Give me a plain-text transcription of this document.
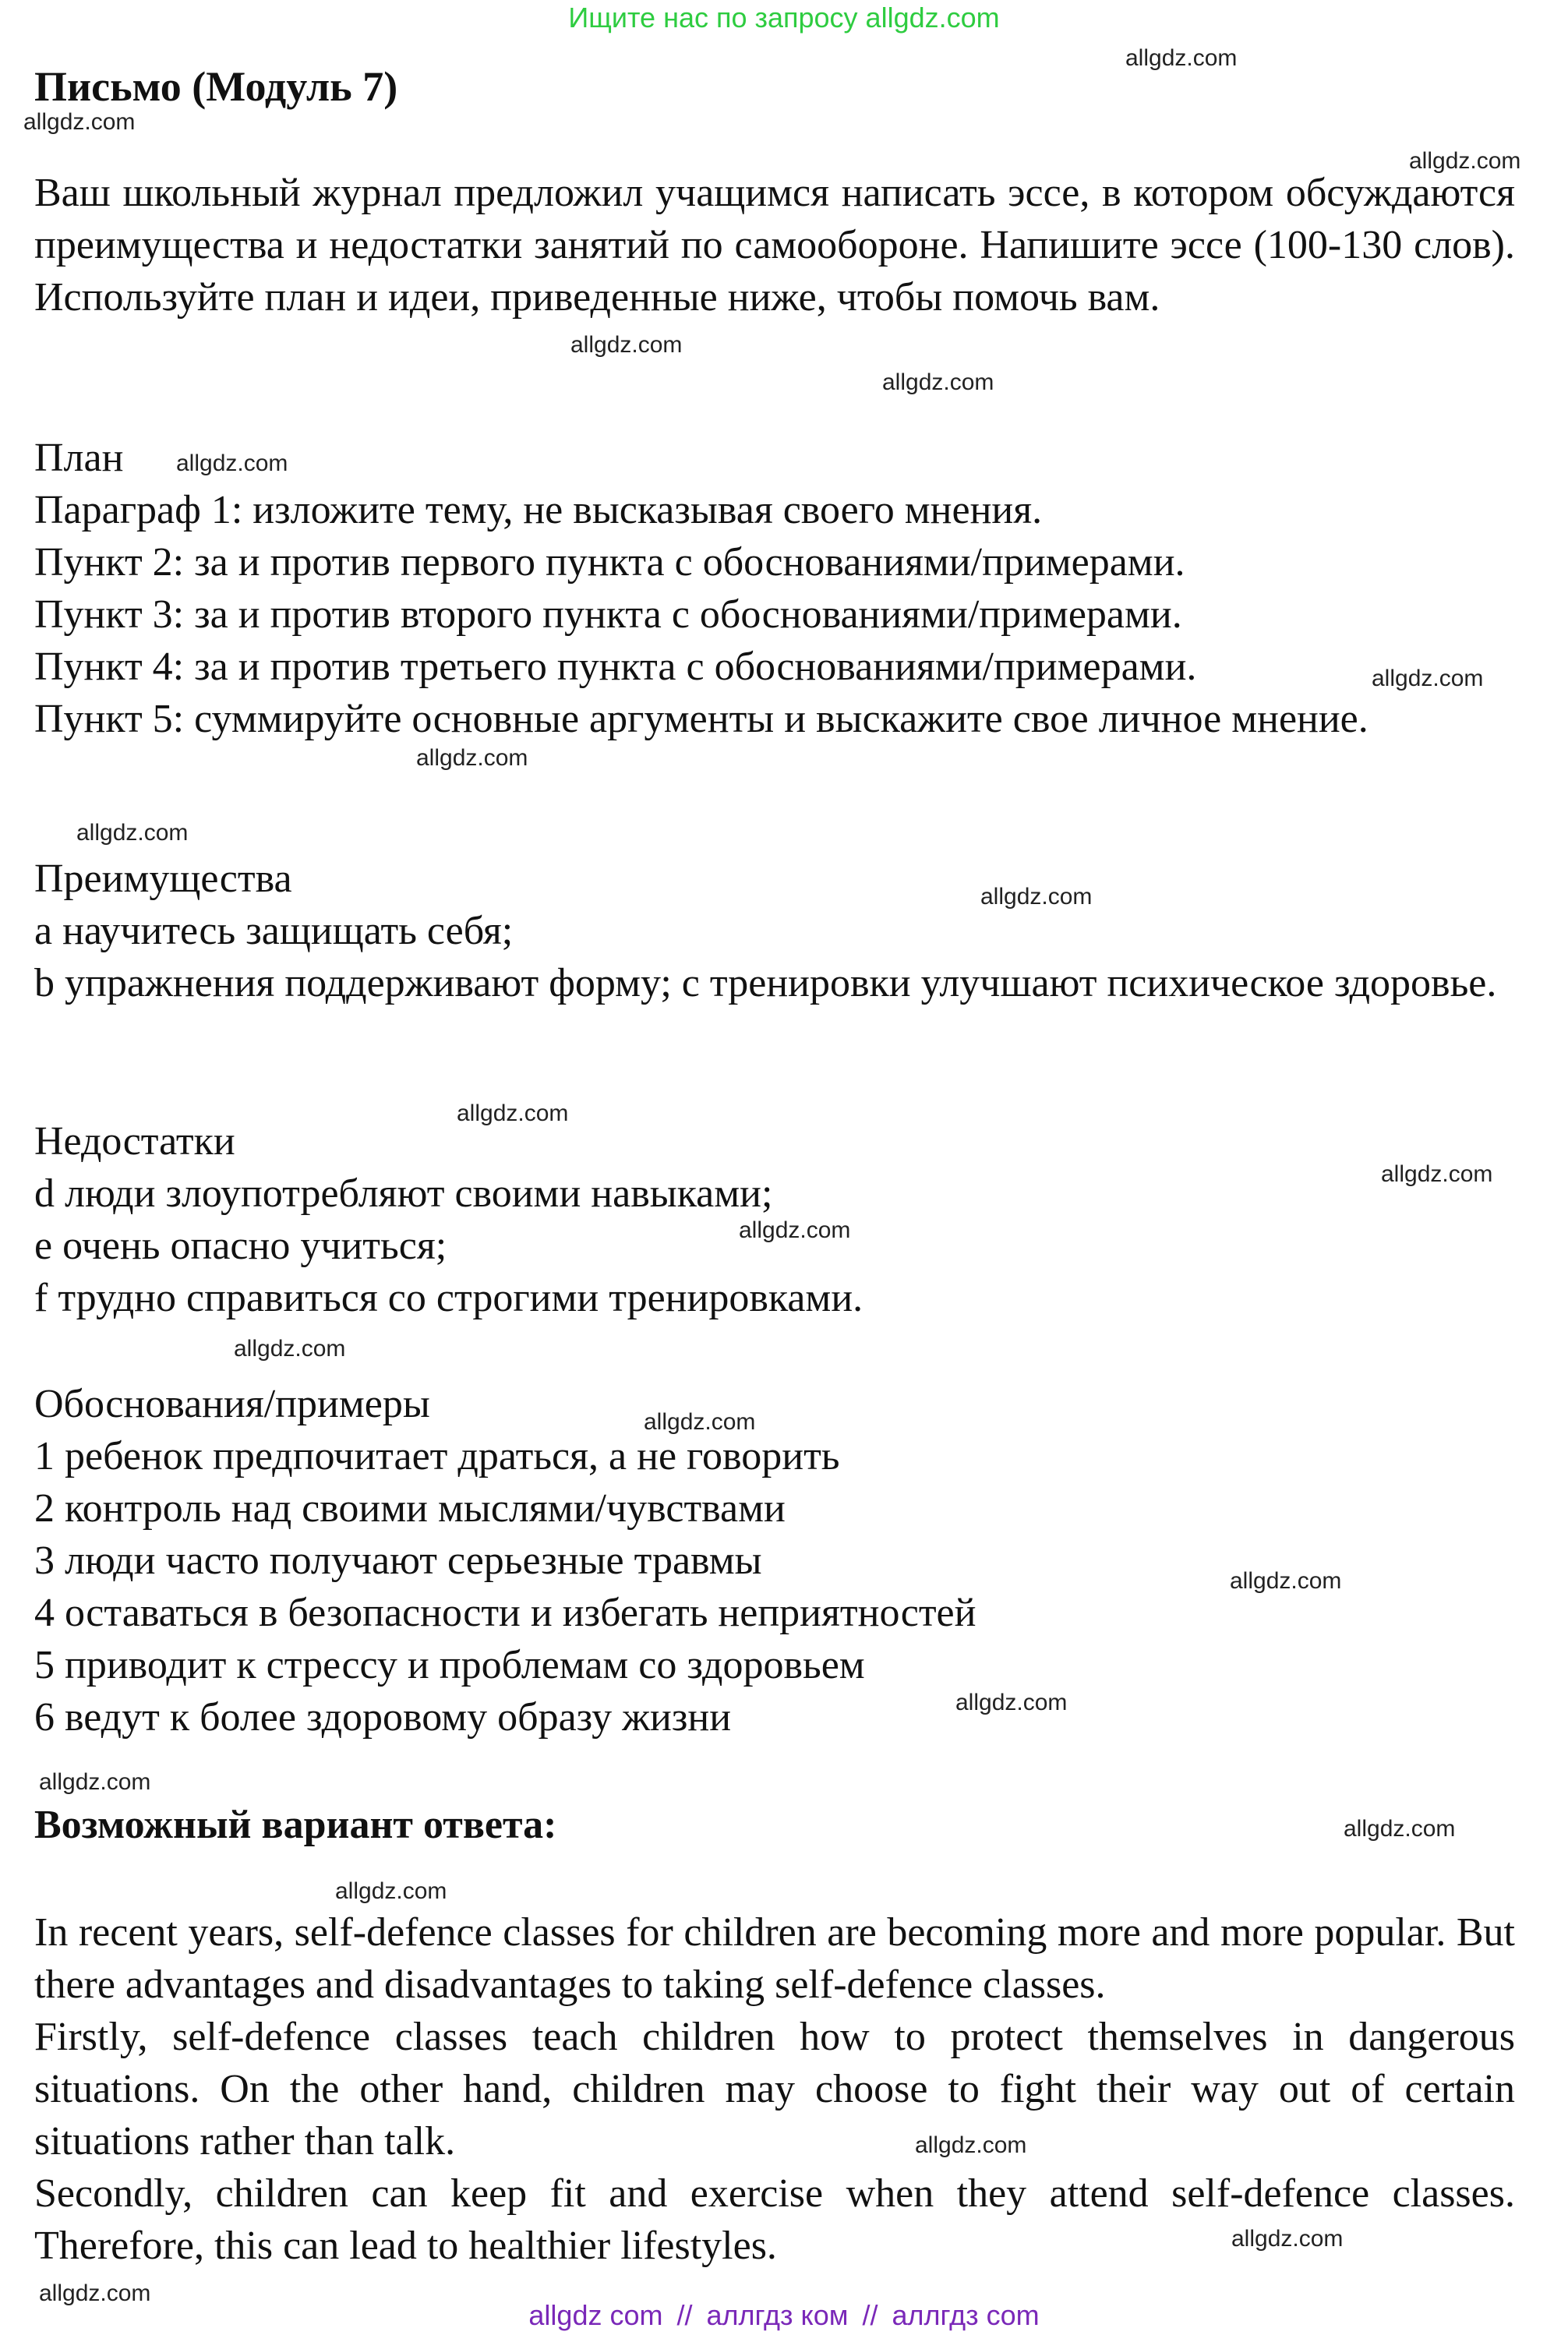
Ищите нас по запросу allgdz.com
Письмо (Модуль 7)
Ваш школьный журнал предложил учащимся написать эссе, в котором обсуждаются преимущества и недостатки занятий по самообороне. Напишите эссе (100-130 слов). Используйте план и идеи, приведенные ниже, чтобы помочь вам.
План
Параграф 1: изложите тему, не высказывая своего мнения.
Пункт 2: за и против первого пункта с обоснованиями/примерами.
Пункт 3: за и против второго пункта с обоснованиями/примерами.
Пункт 4: за и против третьего пункта с обоснованиями/примерами.
Пункт 5: суммируйте основные аргументы и выскажите свое личное мнение.
Преимущества
a научитесь защищать себя;
b упражнения поддерживают форму; c тренировки улучшают психическое здоровье.
Недостатки
d люди злоупотребляют своими навыками;
e очень опасно учиться;
f трудно справиться со строгими тренировками.
Обоснования/примеры
1 ребенок предпочитает драться, а не говорить
2 контроль над своими мыслями/чувствами
3 люди часто получают серьезные травмы
4 оставаться в безопасности и избегать неприятностей
5 приводит к стрессу и проблемам со здоровьем
6 ведут к более здоровому образу жизни
Возможный вариант ответа:
In recent years, self-defence classes for children are becoming more and more popular. But there advantages and disadvantages to taking self-defence classes.
Firstly, self-defence classes teach children how to protect themselves in dangerous situations. On the other hand, children may choose to fight their way out of certain situations rather than talk.
Secondly, children can keep fit and exercise when they attend self-defence classes. Therefore, this can lead to healthier lifestyles.
allgdz.com
allgdz.com
allgdz.com
allgdz.com
allgdz.com
allgdz.com
allgdz.com
allgdz.com
allgdz.com
allgdz.com
allgdz.com
allgdz.com
allgdz.com
allgdz.com
allgdz.com
allgdz.com
allgdz.com
allgdz.com
allgdz.com
allgdz.com
allgdz.com
allgdz.com
allgdz.com
allgdz com // аллгдз ком // аллгдз com
